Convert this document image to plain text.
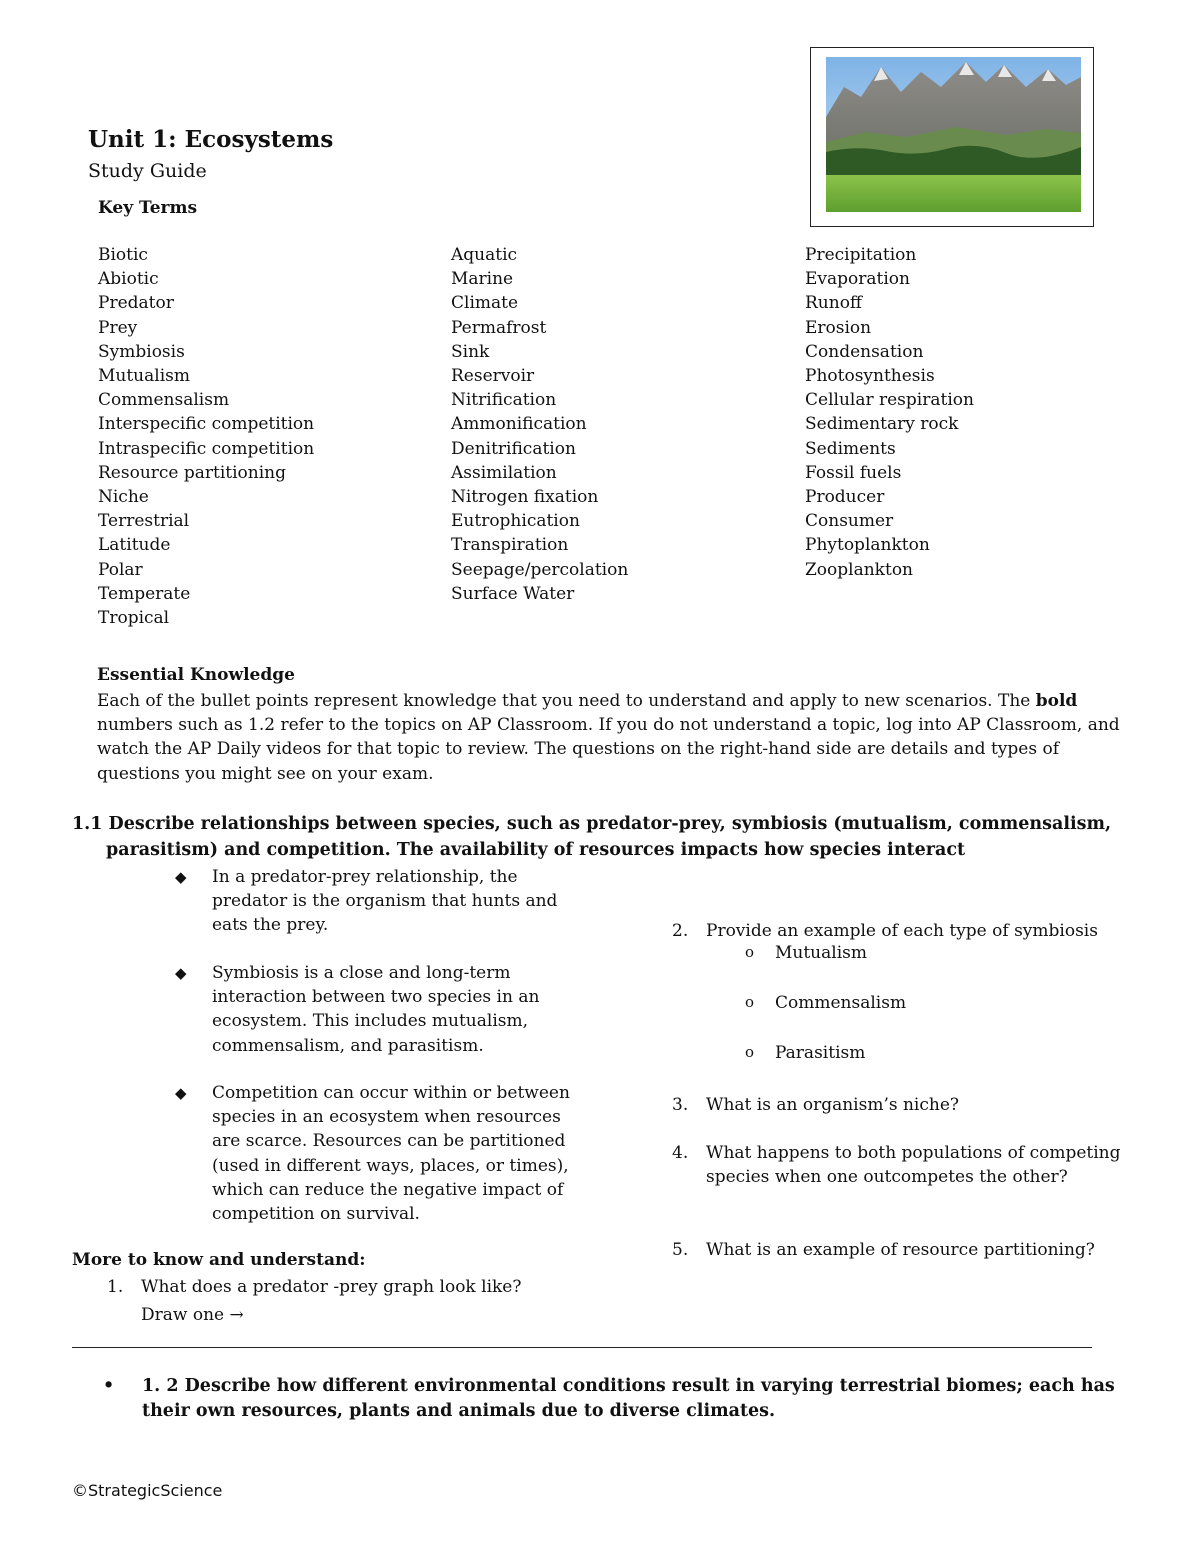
Unit 1: Ecosystems
Study Guide
Key Terms
Biotic
Abiotic
Predator
Prey
Symbiosis
Mutualism
Commensalism
Interspecific competition
Intraspecific competition
Resource partitioning
Niche
Terrestrial
Latitude
Polar
Temperate
Tropical
Aquatic
Marine
Climate
Permafrost
Sink
Reservoir
Nitrification
Ammonification
Denitrification
Assimilation
Nitrogen fixation
Eutrophication
Transpiration
Seepage/percolation
Surface Water
Precipitation
Evaporation
Runoff
Erosion
Condensation
Photosynthesis
Cellular respiration
Sedimentary rock
Sediments
Fossil fuels
Producer
Consumer
Phytoplankton
Zooplankton
Essential Knowledge
Each of the bullet points represent knowledge that you need to understand and apply to new scenarios. The bold numbers such as 1.2 refer to the topics on AP Classroom. If you do not understand a topic, log into AP Classroom, and watch the AP Daily videos for that topic to review. The questions on the right-hand side are details and types of questions you might see on your exam.
1.1 Describe relationships between species, such as predator-prey, symbiosis (mutualism, commensalism,
parasitism) and competition. The availability of resources impacts how species interact
◆ In a predator-prey relationship, the predator is the organism that hunts and eats the prey.
◆ Symbiosis is a close and long-term interaction between two species in an ecosystem. This includes mutualism, commensalism, and parasitism.
◆ Competition can occur within or between species in an ecosystem when resources are scarce. Resources can be partitioned (used in different ways, places, or times), which can reduce the negative impact of competition on survival.
More to know and understand:
1. What does a predator -prey graph look like?
Draw one →
2. Provide an example of each type of symbiosis
o Mutualism
o Commensalism
o Parasitism
3. What is an organism’s niche?
4. What happens to both populations of competing
species when one outcompetes the other?
5. What is an example of resource partitioning?
• 1. 2 Describe how different environmental conditions result in varying terrestrial biomes; each has their own resources, plants and animals due to diverse climates.
©StrategicScience
